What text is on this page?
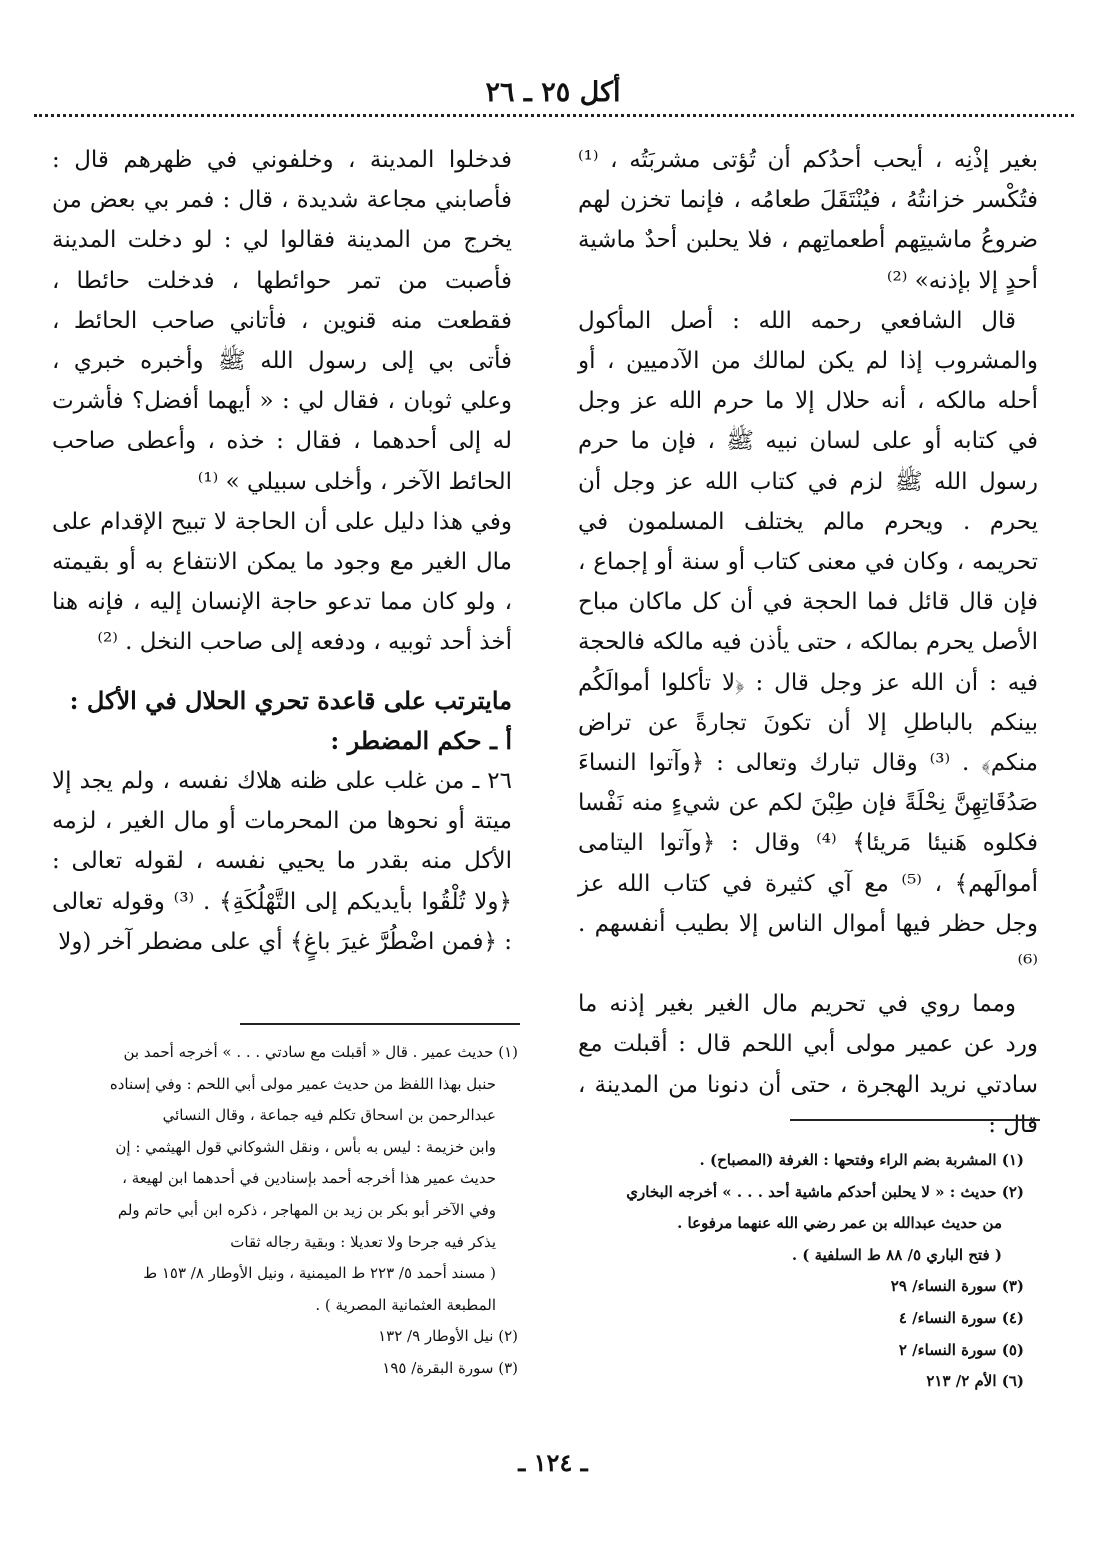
أكل ٢٥ ـ ٢٦

بغير إذْنِه ، أيحب أحدُكم أن تُؤتى مشربَتُه ، ⁽¹⁾ فتُكْسر خزانتُهُ ، فيُنْتَقَلَ طعامُه ، فإنما تخزن لهم ضروعُ ماشيتِهم أطعماتِهم ، فلا يحلبن أحدٌ ماشية أحدٍ إلا بإذنه» ⁽²⁾

قال الشافعي رحمه الله : أصل المأكول والمشروب إذا لم يكن لمالك من الآدميين ، أو أحله مالكه ، أنه حلال إلا ما حرم الله عز وجل في كتابه أو على لسان نبيه ﷺ ، فإن ما حرم رسول الله ﷺ لزم في كتاب الله عز وجل أن يحرم . ويحرم مالم يختلف المسلمون في تحريمه ، وكان في معنى كتاب أو سنة أو إجماع ، فإن قال قائل فما الحجة في أن كل ماكان مباح الأصل يحرم بمالكه ، حتى يأذن فيه مالكه فالحجة فيه : أن الله عز وجل قال : ﴿لا تأكلوا أموالَكُم بينكم بالباطلِ إلا أن تكونَ تجارةً عن تراض منكم﴾ . ⁽³⁾ وقال تبارك وتعالى : ﴿وآتوا النساءَ صَدُقَاتِهِنَّ نِحْلَةً فإن طِبْنَ لكم عن شيءٍ منه نَفْسا فكلوه هَنيئا مَريئا﴾ ⁽⁴⁾ وقال : ﴿وآتوا اليتامى أموالَهم﴾ ، ⁽⁵⁾ مع آي كثيرة في كتاب الله عز وجل حظر فيها أموال الناس إلا بطيب أنفسهم . ⁽⁶⁾

ومما روي في تحريم مال الغير بغير إذنه ما ورد عن عمير مولى أبي اللحم قال : أقبلت مع سادتي نريد الهجرة ، حتى أن دنونا من المدينة ، قال :

فدخلوا المدينة ، وخلفوني في ظهرهم قال : فأصابني مجاعة شديدة ، قال : فمر بي بعض من يخرج من المدينة فقالوا لي : لو دخلت المدينة فأصبت من تمر حوائطها ، فدخلت حائطا ، فقطعت منه قنوين ، فأتاني صاحب الحائط ، فأتى بي إلى رسول الله ﷺ وأخبره خبري ، وعلي ثوبان ، فقال لي : « أيهما أفضل؟ فأشرت له إلى أحدهما ، فقال : خذه ، وأعطى صاحب الحائط الآخر ، وأخلى سبيلي » ⁽¹⁾

وفي هذا دليل على أن الحاجة لا تبيح الإقدام على مال الغير مع وجود ما يمكن الانتفاع به أو بقيمته ، ولو كان مما تدعو حاجة الإنسان إليه ، فإنه هنا أخذ أحد ثوبيه ، ودفعه إلى صاحب النخل . ⁽²⁾

مايترتب على قاعدة تحري الحلال في الأكل :

أ ـ حكم المضطر :

٢٦ ـ من غلب على ظنه هلاك نفسه ، ولم يجد إلا ميتة أو نحوها من المحرمات أو مال الغير ، لزمه الأكل منه بقدر ما يحيي نفسه ، لقوله تعالى : ﴿ولا تُلْقُوا بأيديكم إلى التَّهْلُكَةِ﴾ . ⁽³⁾ وقوله تعالى : ﴿فمن اضْطُرَّ غيرَ باغٍ﴾ أي على مضطر آخر (ولا

(١) المشربة بضم الراء وفتحها : الغرفة (المصباح) .

(٢) حديث : « لا يحلبن أحدكم ماشية أحد . . . » أخرجه البخاري

من حديث عبدالله بن عمر رضي الله عنهما مرفوعا .

( فتح الباري ٥/ ٨٨ ط السلفية ) .

(٣) سورة النساء/ ٢٩

(٤) سورة النساء/ ٤

(٥) سورة النساء/ ٢

(٦) الأم ٢/ ٢١٣

(١) حديث عمير . قال « أقبلت مع سادتي . . . » أخرجه أحمد بن

حنبل بهذا اللفظ من حديث عمير مولى أبي اللحم : وفي إسناده

عبدالرحمن بن اسحاق تكلم فيه جماعة ، وقال النسائي

وابن خزيمة : ليس به بأس ، ونقل الشوكاني قول الهيثمي : إن

حديث عمير هذا أخرجه أحمد بإسنادين في أحدهما ابن لهيعة ،

وفي الآخر أبو بكر بن زيد بن المهاجر ، ذكره ابن أبي حاتم ولم

يذكر فيه جرحا ولا تعديلا : وبقية رجاله ثقات

( مسند أحمد ٥/ ٢٢٣ ط الميمنية ، ونيل الأوطار ٨/ ١٥٣ ط

المطبعة العثمانية المصرية ) .

(٢) نيل الأوطار ٩/ ١٣٢

(٣) سورة البقرة/ ١٩٥

ـ ١٢٤ ـ
